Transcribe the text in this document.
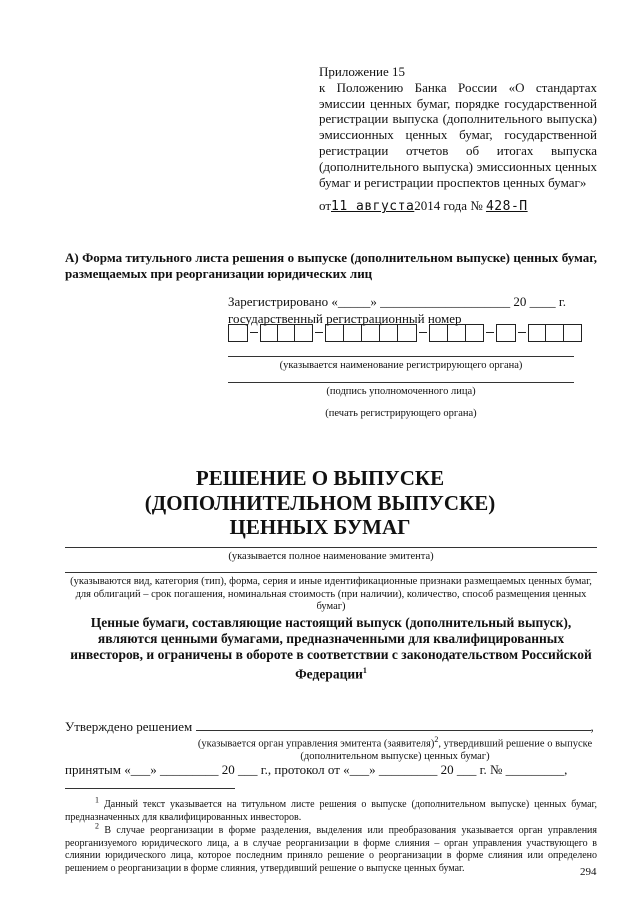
Приложение 15
к Положению Банка России «О стандартах эмиссии ценных бумаг, порядке государственной регистрации выпуска (дополнительного выпуска) эмиссионных ценных бумаг, государственной регистрации отчетов об итогах выпуска (дополнительного выпуска) эмиссионных ценных бумаг и регистрации проспектов ценных бумаг»
от11 августа2014 года № 428-П
А) Форма титульного листа решения о выпуске (дополнительном выпуске) ценных бумаг, размещаемых при реорганизации юридических лиц
Зарегистрировано «_____» ____________________ 20 ____ г.
государственный регистрационный номер
(указывается наименование регистрирующего органа)
(подпись уполномоченного лица)
(печать регистрирующего органа)
РЕШЕНИЕ О ВЫПУСКЕ
(ДОПОЛНИТЕЛЬНОМ ВЫПУСКЕ)
ЦЕННЫХ БУМАГ
(указывается полное наименование эмитента)
(указываются вид, категория (тип), форма, серия и иные идентификационные признаки размещаемых ценных бумаг, для облигаций – срок погашения, номинальная стоимость (при наличии), количество, способ размещения ценных бумаг)
Ценные бумаги, составляющие настоящий выпуск (дополнительный выпуск), являются ценными бумагами, предназначенными для квалифицированных инвесторов, и ограничены в обороте в соответствии с законодательством Российской Федерации$^1$
Утверждено решением	,
(указывается орган управления эмитента (заявителя)$^2$, утвердивший решение о выпуске (дополнительном выпуске) ценных бумаг)
принятым «___» _________ 20 ___ г., протокол от «___» _________ 20 ___ г. № _________,
$^1$ Данный текст указывается на титульном листе решения о выпуске (дополнительном выпуске) ценных бумаг, предназначенных для квалифицированных инвесторов.
$^2$ В случае реорганизации в форме разделения, выделения или преобразования указывается орган управления реорганизуемого юридического лица, а в случае реорганизации в форме слияния – орган управления участвующего в слиянии юридического лица, которое последним приняло решение о реорганизации в форме слияния или определено решением о реорганизации в форме слияния, утвердивший решение о выпуске ценных бумаг.	294
